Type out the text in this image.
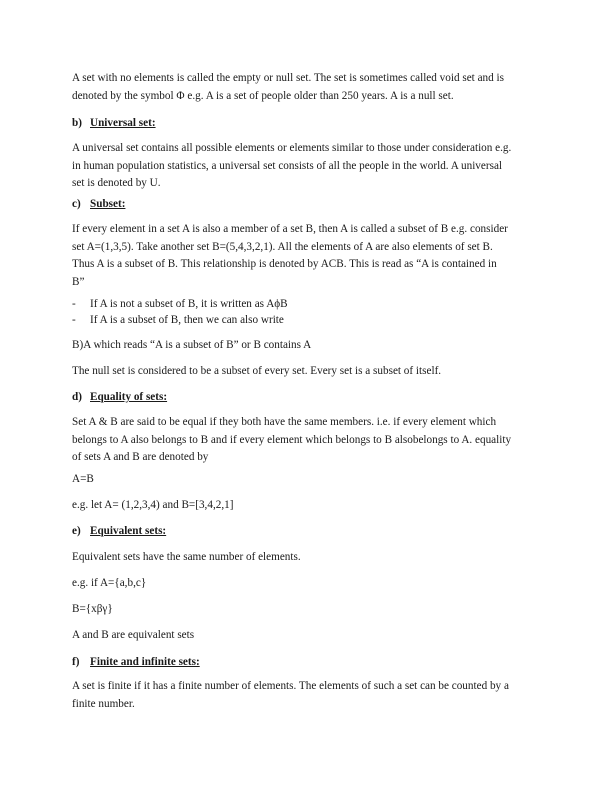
A set with no elements is called the empty or null set. The set is sometimes called void set and is
denoted by the symbol Φ e.g. A is a set of people older than 250 years. A is a null set.

b) Universal set:

A universal set contains all possible elements or elements similar to those under consideration e.g.
in human population statistics, a universal set consists of all the people in the world. A universal
set is denoted by U.

c) Subset:

If every element in a set A is also a member of a set B, then A is called a subset of B e.g. consider
set A=(1,3,5). Take another set B=(5,4,3,2,1). All the elements of A are also elements of set B.
Thus A is a subset of B. This relationship is denoted by ACB. This is read as “A is contained in
B”

- If A is not a subset of B, it is written as AϕB

- If A is a subset of B, then we can also write

B)A which reads “A is a subset of B” or B contains A

The null set is considered to be a subset of every set. Every set is a subset of itself.

d) Equality of sets:

Set A & B are said to be equal if they both have the same members. i.e. if every element which
belongs to A also belongs to B and if every element which belongs to B alsobelongs to A. equality
of sets A and B are denoted by

A=B

e.g. let A= (1,2,3,4) and B=[3,4,2,1]

e) Equivalent sets:

Equivalent sets have the same number of elements.

e.g. if A={a,b,c}

B={xβγ}

A and B are equivalent sets

f) Finite and infinite sets:

A set is finite if it has a finite number of elements. The elements of such a set can be counted by a
finite number.
